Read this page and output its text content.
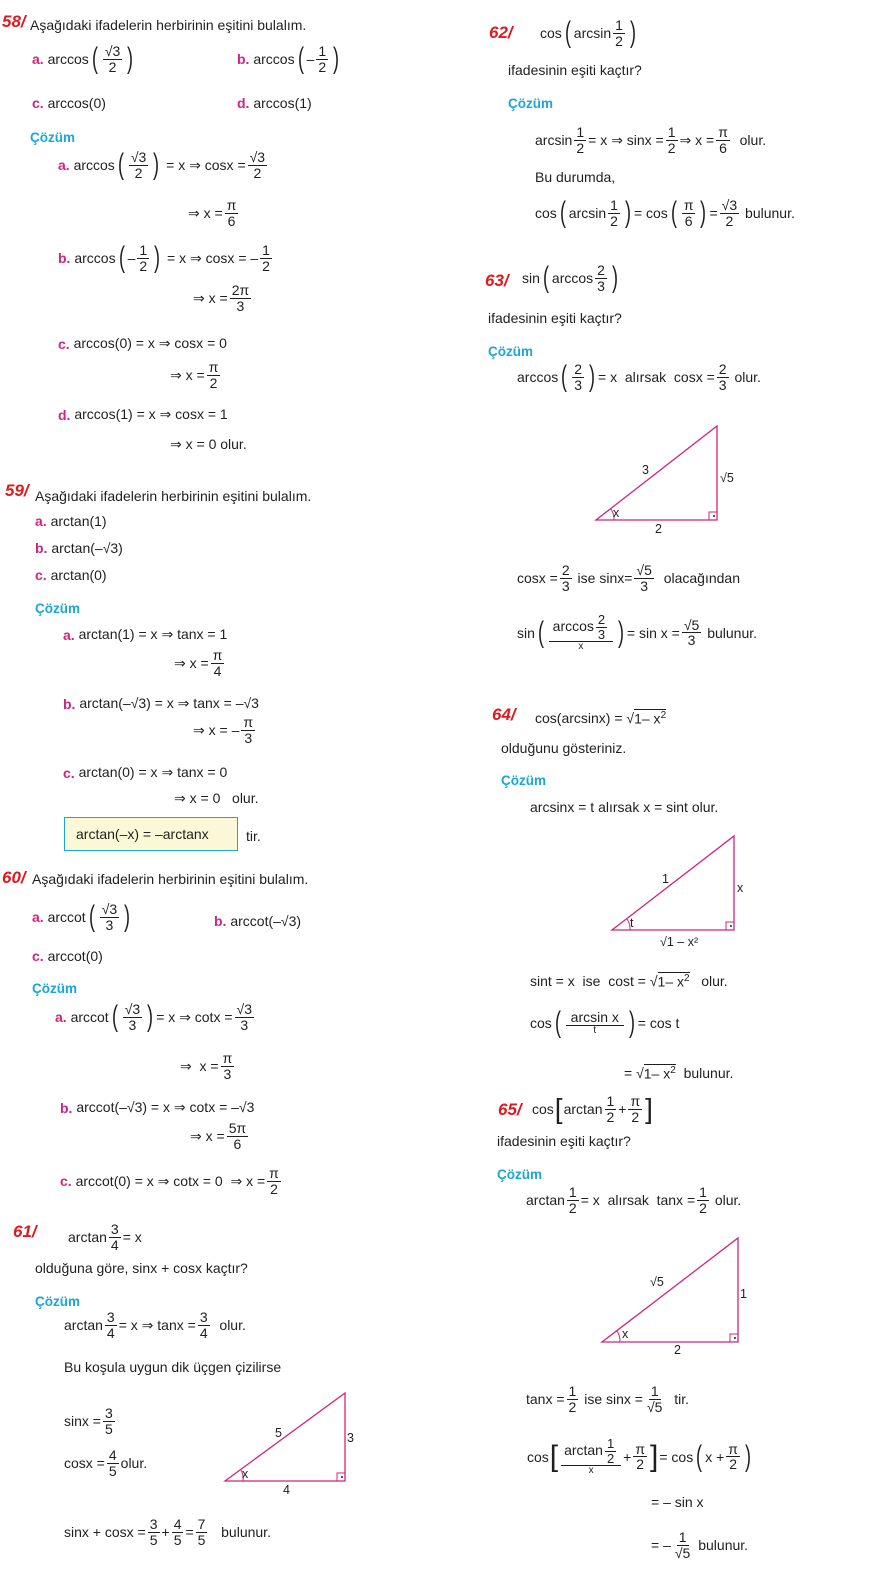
58/ Aşağıdaki ifadelerin herbirinin eşitini bulalım.
a. arccos ( $\frac{√3}{2}$ )	b. arccos ( – $\frac{1}{2}$ )
c. arccos(0)	d. arccos(1)
Çözüm
a. arccos ( $\frac{√3}{2}$ ) = x ⇒ $\cos x = \frac{√3}{2}$
⇒ $x = \frac{\pi}{6}$
b. arccos ( – $\frac{1}{2}$ ) = x ⇒ cosx = – $\frac{1}{2}$
⇒ $x = \frac{2\pi}{3}$
c. arccos(0) = x ⇒ cosx = 0
⇒ $x = \frac{\pi}{2}$
d. arccos(1) = x ⇒ cosx = 1
⇒ x = 0 olur.
59/ Aşağıdaki ifadelerin herbirinin eşitini bulalım.
a. arctan(1)
b. arctan(–√3)
c. arctan(0)
Çözüm
a. arctan(1) = x ⇒ tanx = 1
⇒ $x = \frac{\pi}{4}$
b. arctan(–√3) = x ⇒ tanx = –√3
⇒ x = – $\frac{\pi}{3}$
c. arctan(0) = x ⇒ tanx = 0
⇒ x = 0   olur.
arctan(–x) = –arctanx	tir.
60/ Aşağıdaki ifadelerin herbirinin eşitini bulalım.
a. arccot ( $\frac{√3}{3}$ )	b. arccot(–√3)
c. arccot(0)
Çözüm
a. arccot ( $\frac{√3}{3}$ ) = x ⇒ $\cot x = \frac{√3}{3}$
⇒  $x = \frac{\pi}{3}$
b. arccot(–√3) = x ⇒ cotx = –√3
⇒ $x = \frac{5\pi}{6}$
c. arccot(0) = x ⇒ cotx = 0  ⇒ $x = \frac{\pi}{2}$
61/ $\arctan \frac{3}{4} = x$
olduğuna göre, sinx + cosx kaçtır?
Çözüm
$\arctan \frac{3}{4} = x$ ⇒ $\tan x = \frac{3}{4}$
olur.
Bu koşula uygun dik üçgen çizilirse
$\sin x = \frac{3}{5}$
$\cos x = \frac{4}{5}$ olur.
5	3
4
x
$\sin x + \cos x = \frac{3}{5} + \frac{4}{5} = \frac{7}{5}$
bulunur.
62/ cos ( $\arcsin \frac{1}{2}$ )
ifadesinin eşiti kaçtır?
Çözüm
$\arcsin \frac{1}{2} = x$ ⇒ $\sin x = \frac{1}{2}$ ⇒ $x = \frac{\pi}{6}$
olur.
Bu durumda,
cos ( $\arcsin \frac{1}{2}$ ) = cos ( $\frac{\pi}{6}$ ) = $\frac{√3}{2}$
bulunur.
63/ sin ( $\arccos \frac{2}{3}$ )
ifadesinin eşiti kaçtır?
Çözüm
arccos ( $\frac{2}{3}$ ) = x alırsak $\cos x = \frac{2}{3}$
olur.
3
√5
2
x
$\cos x = \frac{2}{3}$
ise $\sin x= \frac{√5}{3}$
olacağından
sin ( $\frac{\arccos \frac{2}{3}}{x}$ ) = $\sin x = \frac{√5}{3}$
bulunur.
64/ cos(arcsinx) = √ 1– $x^2$
olduğunu gösteriniz.
Çözüm
arcsinx = t alırsak x = sint olur.
1
x
√1 – x²
t
sint = x ise cost = √ 1– $x^2$
olur.
cos ( $\frac{\text{arcsin x}}{t}$ ) = cos t
= √ 1– $x^2$
bulunur.
65/ cos [ $\arctan \frac{1}{2} + \frac{\pi}{2}$ ]
ifadesinin eşiti kaçtır?
Çözüm
$\arctan \frac{1}{2} = x$ alırsak $\tan x = \frac{1}{2}$
olur.
√5
1
2
x
$\tan x = \frac{1}{2}$
ise $\sin x = \frac{1}{√5}$
tir.
cos [ $\frac{\arctan \frac{1}{2}}{x} + \frac{\pi}{2}$ ] = cos ( $x + \frac{\pi}{2}$ )
= – sin x
= – $\frac{1}{√5}$
bulunur.
